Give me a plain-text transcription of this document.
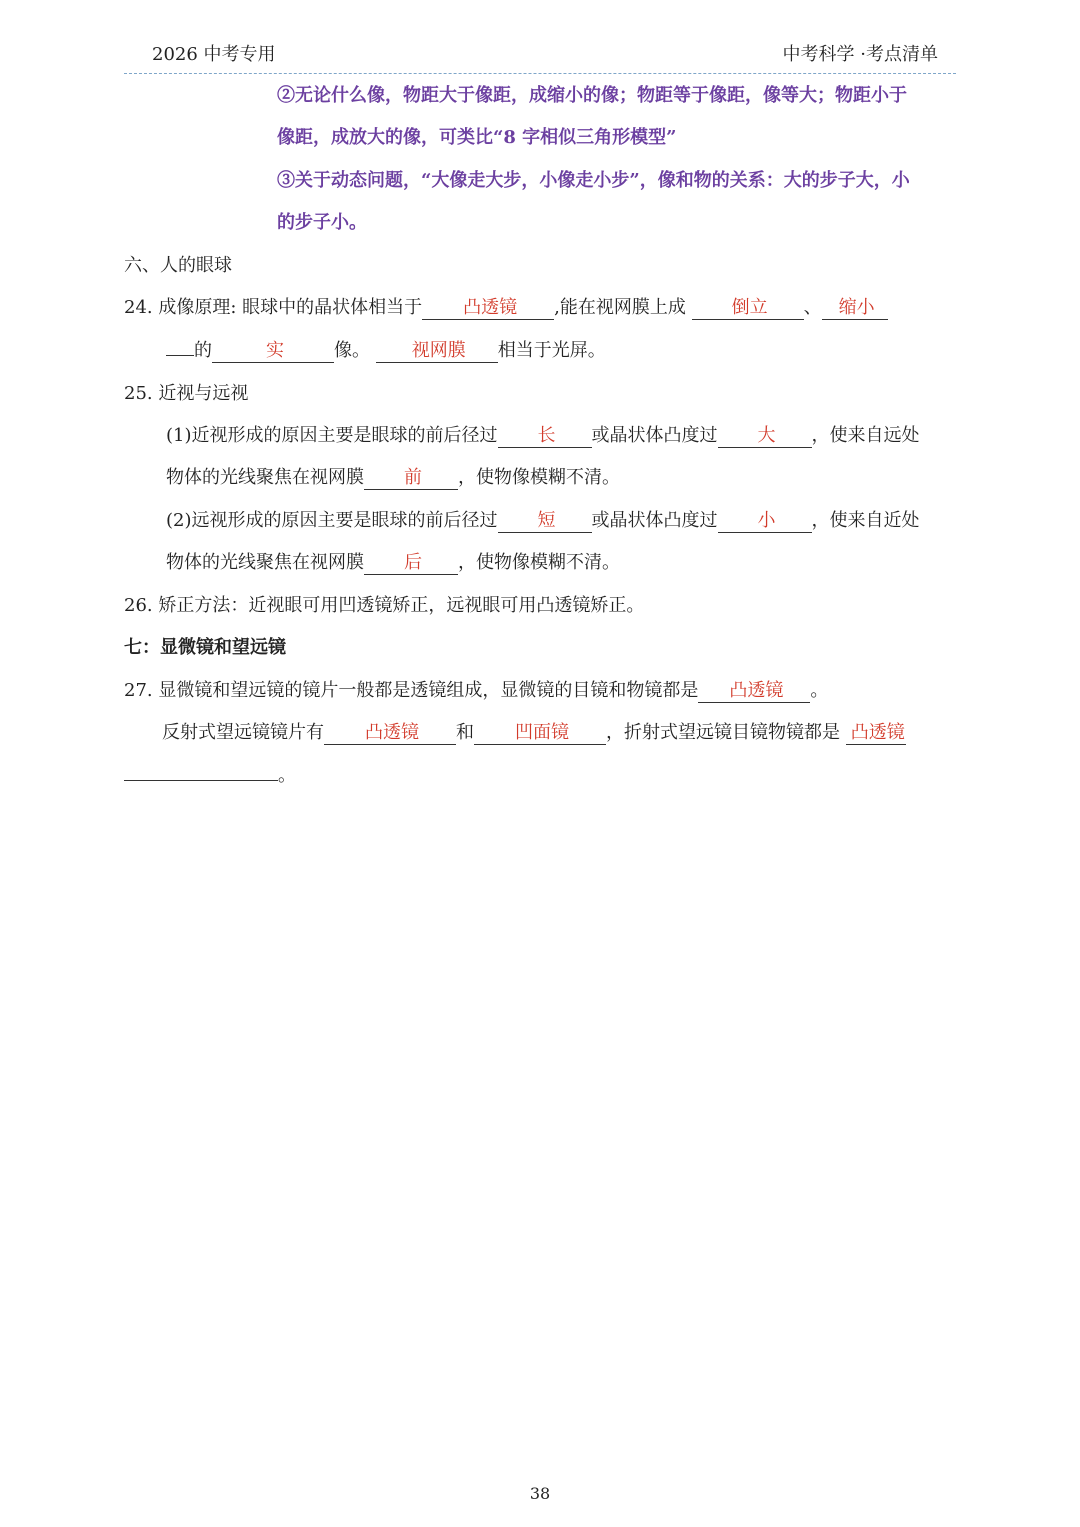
2026 中考专用	中考科学 ·考点清单
②无论什么像，物距大于像距，成缩小的像；物距等于像距，像等大；物距小于
像距，成放大的像，可类比“8 字相似三角形模型”
③关于动态问题，“大像走大步，小像走小步”，像和物的关系：大的步子大，小
的步子小。
六、人的眼球
24. 成像原理: 眼球中的晶状体相当于 凸透镜 ,能在视网膜上成	倒立 、 缩小
的	实	像。 视网膜 相当于光屏。
25. 近视与远视
(1)近视形成的原因主要是眼球的前后径过 长 或晶状体凸度过 大 ，使来自远处
物体的光线聚焦在视网膜 前 ，使物像模糊不清。
(2)远视形成的原因主要是眼球的前后径过 短 或晶状体凸度过 小 ，使来自近处
物体的光线聚焦在视网膜 后 ，使物像模糊不清。
26. 矫正方法：近视眼可用凹透镜矫正，远视眼可用凸透镜矫正。
七：显微镜和望远镜
27. 显微镜和望远镜的镜片一般都是透镜组成，显微镜的目镜和物镜都是 凸透镜 。
反射式望远镜镜片有 凸透镜 和 凹面镜 ，折射式望远镜目镜物镜都是 凸透镜
。
38
